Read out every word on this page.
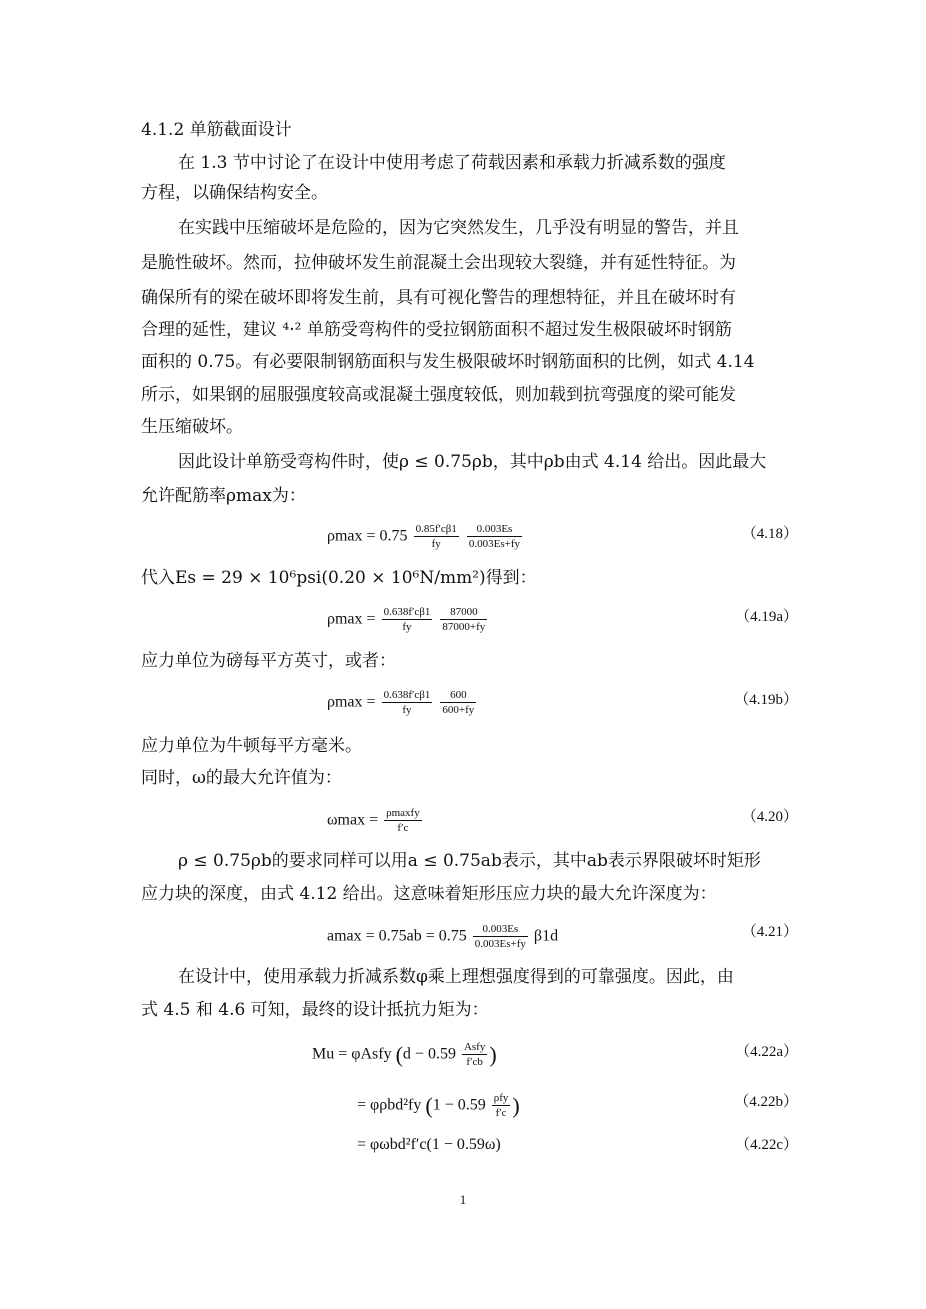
4.1.2 单筋截面设计
在 1.3 节中讨论了在设计中使用考虑了荷载因素和承载力折减系数的强度
方程，以确保结构安全。
在实践中压缩破坏是危险的，因为它突然发生，几乎没有明显的警告，并且
是脆性破坏。然而，拉伸破坏发生前混凝土会出现较大裂缝，并有延性特征。为
确保所有的梁在破坏即将发生前，具有可视化警告的理想特征，并且在破坏时有
合理的延性，建议 ⁴·² 单筋受弯构件的受拉钢筋面积不超过发生极限破坏时钢筋
面积的 0.75。有必要限制钢筋面积与发生极限破坏时钢筋面积的比例，如式 4.14
所示，如果钢的屈服强度较高或混凝土强度较低，则加载到抗弯强度的梁可能发
生压缩破坏。
因此设计单筋受弯构件时，使ρ ≤ 0.75ρb，其中ρb由式 4.14 给出。因此最大
允许配筋率ρmax为：
$\rho\max = 0.75 \frac{0.85f'c\beta 1}{fy}$
$\frac{0.003Es}{0.003Es+fy}$	（4.18）
代入Es = 29 × 10⁶psi(0.20 × 10⁶N/mm²)得到：
$\rho\max = \frac{0.638f'c\beta 1}{fy}$
$\frac{87000}{87000+fy}$	（4.19a）
应力单位为磅每平方英寸，或者：
$\rho\max = \frac{0.638f'c\beta 1}{fy}$
$\frac{600}{600+fy}$	（4.19b）
应力单位为牛顿每平方毫米。
同时，ω的最大允许值为：
$\omega\max = \frac{\text{ρmaxfy}}{f'c}$	（4.20）
ρ ≤ 0.75ρb的要求同样可以用a ≤ 0.75ab表示，其中ab表示界限破坏时矩形
应力块的深度，由式 4.12 给出。这意味着矩形压应力块的最大允许深度为：
$amax = 0.75ab = 0.75 \frac{0.003Es}{0.003Es+fy} \beta 1d$	（4.21）
在设计中，使用承载力折减系数φ乘上理想强度得到的可靠强度。因此，由
式 4.5 和 4.6 可知，最终的设计抵抗力矩为：
Mu = φAsfy ($d - 0.59 \frac{\text{Asfy}}{f'cb}$ )	（4.22a）
= φρbd²fy ($1 - 0.59 \frac{\text{ρfy}}{f'c}$ )	（4.22b）
= φωbd²f′c(1 − 0.59ω)	（4.22c）
1
